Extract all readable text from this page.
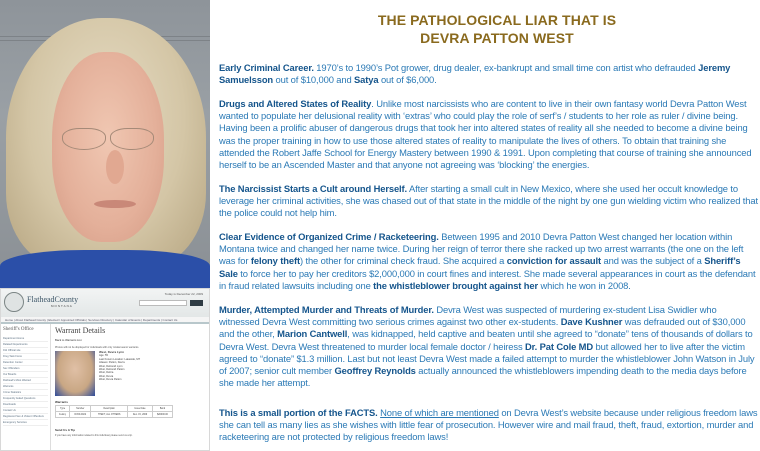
FlatheadCounty
MONTANA
Today is December 22, 2009
Home | About Flathead County | Elected / Appointed Officials | Services Directory | Calendar of Events | Departments | Contact Us
Sheriff's Office
Department Home
Related Departments
911 Official site
Drug Task Force
Detention Center
Sex Offenders
Our Boards
Flathead's Most Wanted
Warrants
Crime Statistics
Frequently Asked Questions
Downloads
Contact Us
Registered Sex & Violent Offenders
Emergency Services
Warrant Details
Back to Warrants List
Photos will not be displayed for individuals with only misdemeanor warrants.
West, Devra Lynn
Age: 55
Last Known Location: Lakeside, MT
Aliases: Patton, Devra
West, Deborah Lynn
West, Deborah Patton
West, Debra
West, Devra
West, Devra Patton
Warrants
Type	Number	Description	Issue Date	Bond
Felony	DV09-0022	THEFT, ALL OTHERS	Dec. 15, 2009	$20000.00
Send Us A Tip
If you have any information related to this individual, please send us a tip.
THE PATHOLOGICAL LIAR THAT IS
DEVRA PATTON WEST
Early Criminal Career. 1970’s to 1990’s Pot grower, drug dealer, ex-bankrupt and small time con artist who defrauded Jeremy Samuelsson out of $10,000 and Satya out of $6,000.
Drugs and Altered States of Reality. Unlike most narcissists who are content to live in their own fantasy world Devra Patton West wanted to populate her delusional reality with ‘extras’ who could play the role of serf’s / students to her role as ruler / divine being. Having been a prolific abuser of dangerous drugs that took her into altered states of reality all she needed to become a divine being was the proper training in how to use those altered states of reality to manipulate the lives of others. To obtain that training she attended the Robert Jaffe School for Energy Mastery between 1990 & 1991. Upon completing that course of training she announced herself to be an Ascended Master and that anyone not agreeing was ‘blocking’ the energies.
The Narcissist Starts a Cult around Herself. After starting a small cult in New Mexico, where she used her occult knowledge to leverage her criminal activities, she was chased out of that state in the middle of the night by one gun wielding victim who realized that the police could not help him.
Clear Evidence of Organized Crime / Racketeering. Between 1995 and 2010 Devra Patton West changed her location within Montana twice and changed her name twice. During her reign of terror there she racked up two arrest warrants (the one on the left was for felony theft) the other for criminal check fraud. She acquired a conviction for assault and was the subject of a Sheriff’s Sale to force her to pay her creditors $2,000,000 in court fines and interest. She made several appearances in court as the defendant in fraud related lawsuits including one the whistleblower brought against her which he won in 2008.
Murder, Attempted Murder and Threats of Murder. Devra West was suspected of murdering ex-student Lisa Swidler who witnessed Devra West committing two serious crimes against two other ex-students. Dave Kushner was defrauded out of $30,000 and the other, Marion Cantwell, was kidnapped, held captive and beaten until she agreed to “donate” tens of thousands of dollars to Devra West. Devra West threatened to murder local female doctor / heiress Dr. Pat Cole MD but allowed her to live after the victim agreed to “donate” $1.3 million. Last but not least Devra West made a failed attempt to murder the whistleblower John Watson in July of 2007; senior cult member Geoffrey Reynolds actually announced the whistleblowers impending death to the media days before she made her attempt.
This is a small portion of the FACTS. None of which are mentioned on Devra West’s website because under religious freedom laws she can tell as many lies as she wishes with little fear of prosecution. However wire and mail fraud, theft, fraud, extortion, murder and racketeering are not protected by religious freedom laws!
